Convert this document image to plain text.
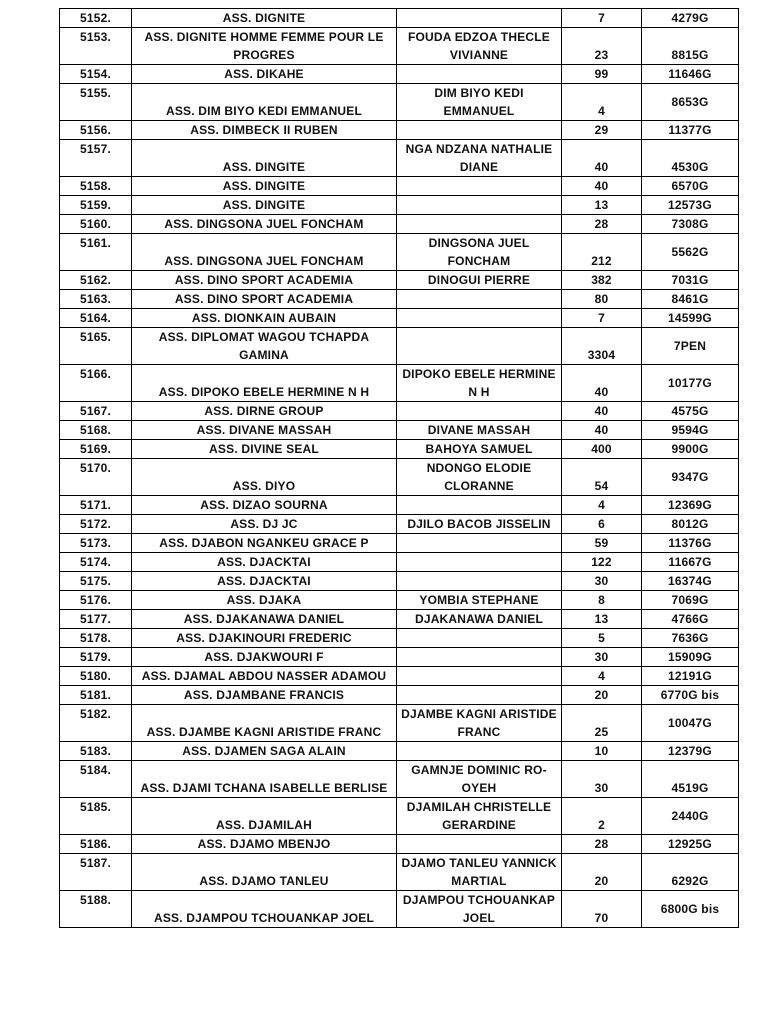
5152.	ASS. DIGNITE		7	4279G
5153.	ASS. DIGNITE HOMME FEMME POUR LE PROGRES	FOUDA EDZOA THECLE VIVIANNE	23	8815G
5154.	ASS. DIKAHE		99	11646G
5155.	ASS. DIM BIYO KEDI EMMANUEL	DIM BIYO KEDI EMMANUEL	4	8653G
5156.	ASS. DIMBECK II RUBEN		29	11377G
5157.	ASS. DINGITE	NGA NDZANA NATHALIE DIANE	40	4530G
5158.	ASS. DINGITE		40	6570G
5159.	ASS. DINGITE		13	12573G
5160.	ASS. DINGSONA JUEL FONCHAM		28	7308G
5161.	ASS. DINGSONA JUEL FONCHAM	DINGSONA JUEL FONCHAM	212	5562G
5162.	ASS. DINO SPORT ACADEMIA	DINOGUI PIERRE	382	7031G
5163.	ASS. DINO SPORT ACADEMIA		80	8461G
5164.	ASS. DIONKAIN AUBAIN		7	14599G
5165.	ASS. DIPLOMAT WAGOU TCHAPDA GAMINA		3304	7PEN
5166.	ASS. DIPOKO EBELE HERMINE N H	DIPOKO EBELE HERMINE N H	40	10177G
5167.	ASS. DIRNE GROUP		40	4575G
5168.	ASS. DIVANE MASSAH	DIVANE MASSAH	40	9594G
5169.	ASS. DIVINE SEAL	BAHOYA SAMUEL	400	9900G
5170.	ASS. DIYO	NDONGO ELODIE CLORANNE	54	9347G
5171.	ASS. DIZAO SOURNA		4	12369G
5172.	ASS. DJ JC	DJILO BACOB JISSELIN	6	8012G
5173.	ASS. DJABON NGANKEU GRACE P		59	11376G
5174.	ASS. DJACKTAI		122	11667G
5175.	ASS. DJACKTAI		30	16374G
5176.	ASS. DJAKA	YOMBIA STEPHANE	8	7069G
5177.	ASS. DJAKANAWA DANIEL	DJAKANAWA DANIEL	13	4766G
5178.	ASS. DJAKINOURI FREDERIC		5	7636G
5179.	ASS. DJAKWOURI F		30	15909G
5180.	ASS. DJAMAL ABDOU NASSER ADAMOU		4	12191G
5181.	ASS. DJAMBANE FRANCIS		20	6770G bis
5182.	ASS. DJAMBE KAGNI ARISTIDE FRANC	DJAMBE KAGNI ARISTIDE FRANC	25	10047G
5183.	ASS. DJAMEN SAGA ALAIN		10	12379G
5184.	ASS. DJAMI TCHANA ISABELLE BERLISE	GAMNJE DOMINIC RO-OYEH	30	4519G
5185.	ASS. DJAMILAH	DJAMILAH CHRISTELLE GERARDINE	2	2440G
5186.	ASS. DJAMO MBENJO		28	12925G
5187.	ASS. DJAMO TANLEU	DJAMO TANLEU YANNICK MARTIAL	20	6292G
5188.	ASS. DJAMPOU TCHOUANKAP JOEL	DJAMPOU TCHOUANKAP JOEL	70	6800G bis
